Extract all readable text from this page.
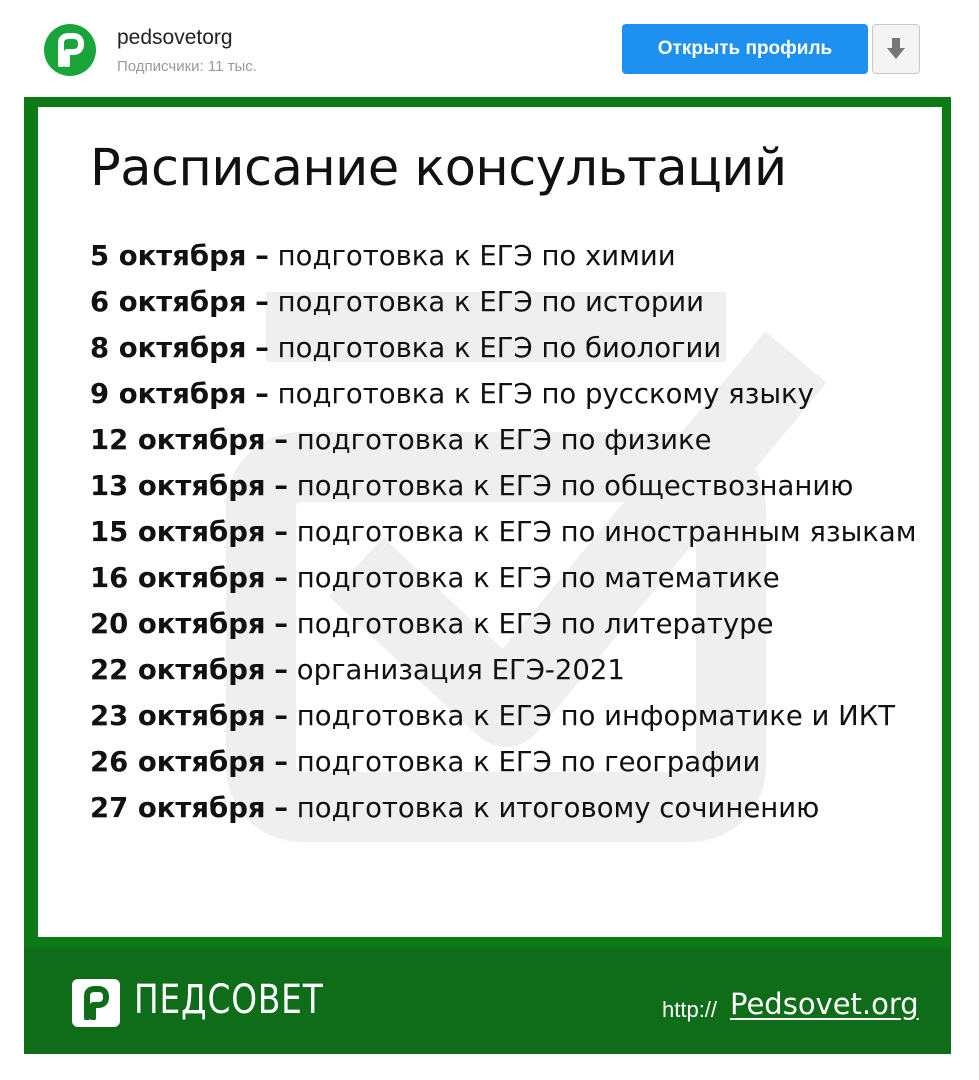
pedsovetorg
Подписчики: 11 тыс.
Открыть профиль
Расписание консультаций
5 октября – подготовка к ЕГЭ по химии
6 октября – подготовка к ЕГЭ по истории
8 октября – подготовка к ЕГЭ по биологии
9 октября – подготовка к ЕГЭ по русскому языку
12 октября – подготовка к ЕГЭ по физике
13 октября – подготовка к ЕГЭ по обществознанию
15 октября – подготовка к ЕГЭ по иностранным языкам
16 октября – подготовка к ЕГЭ по математике
20 октября – подготовка к ЕГЭ по литературе
22 октября – организация ЕГЭ-2021
23 октября – подготовка к ЕГЭ по информатике и ИКТ
26 октября – подготовка к ЕГЭ по географии
27 октября – подготовка к итоговому сочинению
ПЕДСОВЕТ	http:// Pedsovet.org
